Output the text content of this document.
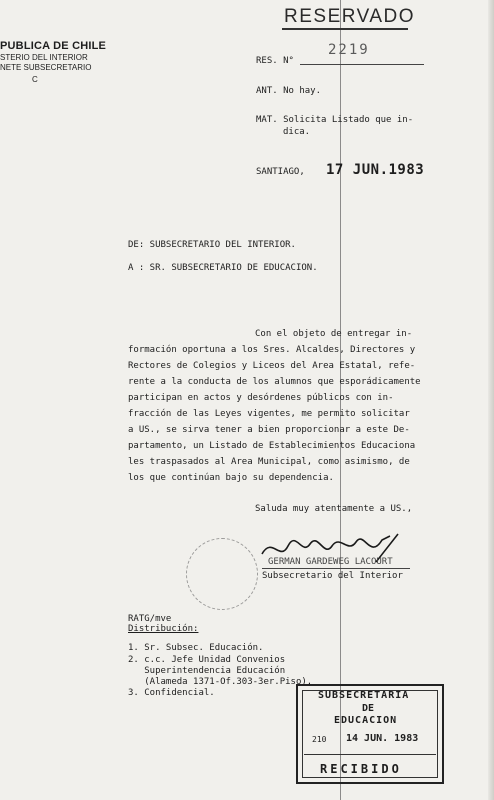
PUBLICA DE CHILE
STERIO DEL INTERIOR
NETE SUBSECRETARIO
C
RESERVADO
RES. N°
2219
ANT. No hay.
MAT. Solicita Listado que in-
dica.
SANTIAGO, 17 JUN.1983
DE: SUBSECRETARIO DEL INTERIOR.
A : SR. SUBSECRETARIO DE EDUCACION.
Con el objeto de entregar in-
formación oportuna a los Sres. Alcaldes, Directores y
Rectores de Colegios y Liceos del Area Estatal, refe-
rente a la conducta de los alumnos que esporádicamente
participan en actos y desórdenes públicos con in-
fracción de las Leyes vigentes, me permito solicitar
a US., se sirva tener a bien proporcionar a este De-
partamento, un Listado de Establecimientos Educaciona
les traspasados al Area Municipal, como asimismo, de
los que continúan bajo su dependencia.
Saluda muy atentamente a US.,
GERMAN GARDEWEG LACOURT
Subsecretario del Interior
RATG/mve
Distribución:
1. Sr. Subsec. Educación.
2. c.c. Jefe Unidad Convenios
Superintendencia Educación
(Alameda 1371-Of.303-3er.Piso).
3. Confidencial.	SUBSECRETARIA
DE
EDUCACION
210 14 JUN. 1983
RECIBIDO
